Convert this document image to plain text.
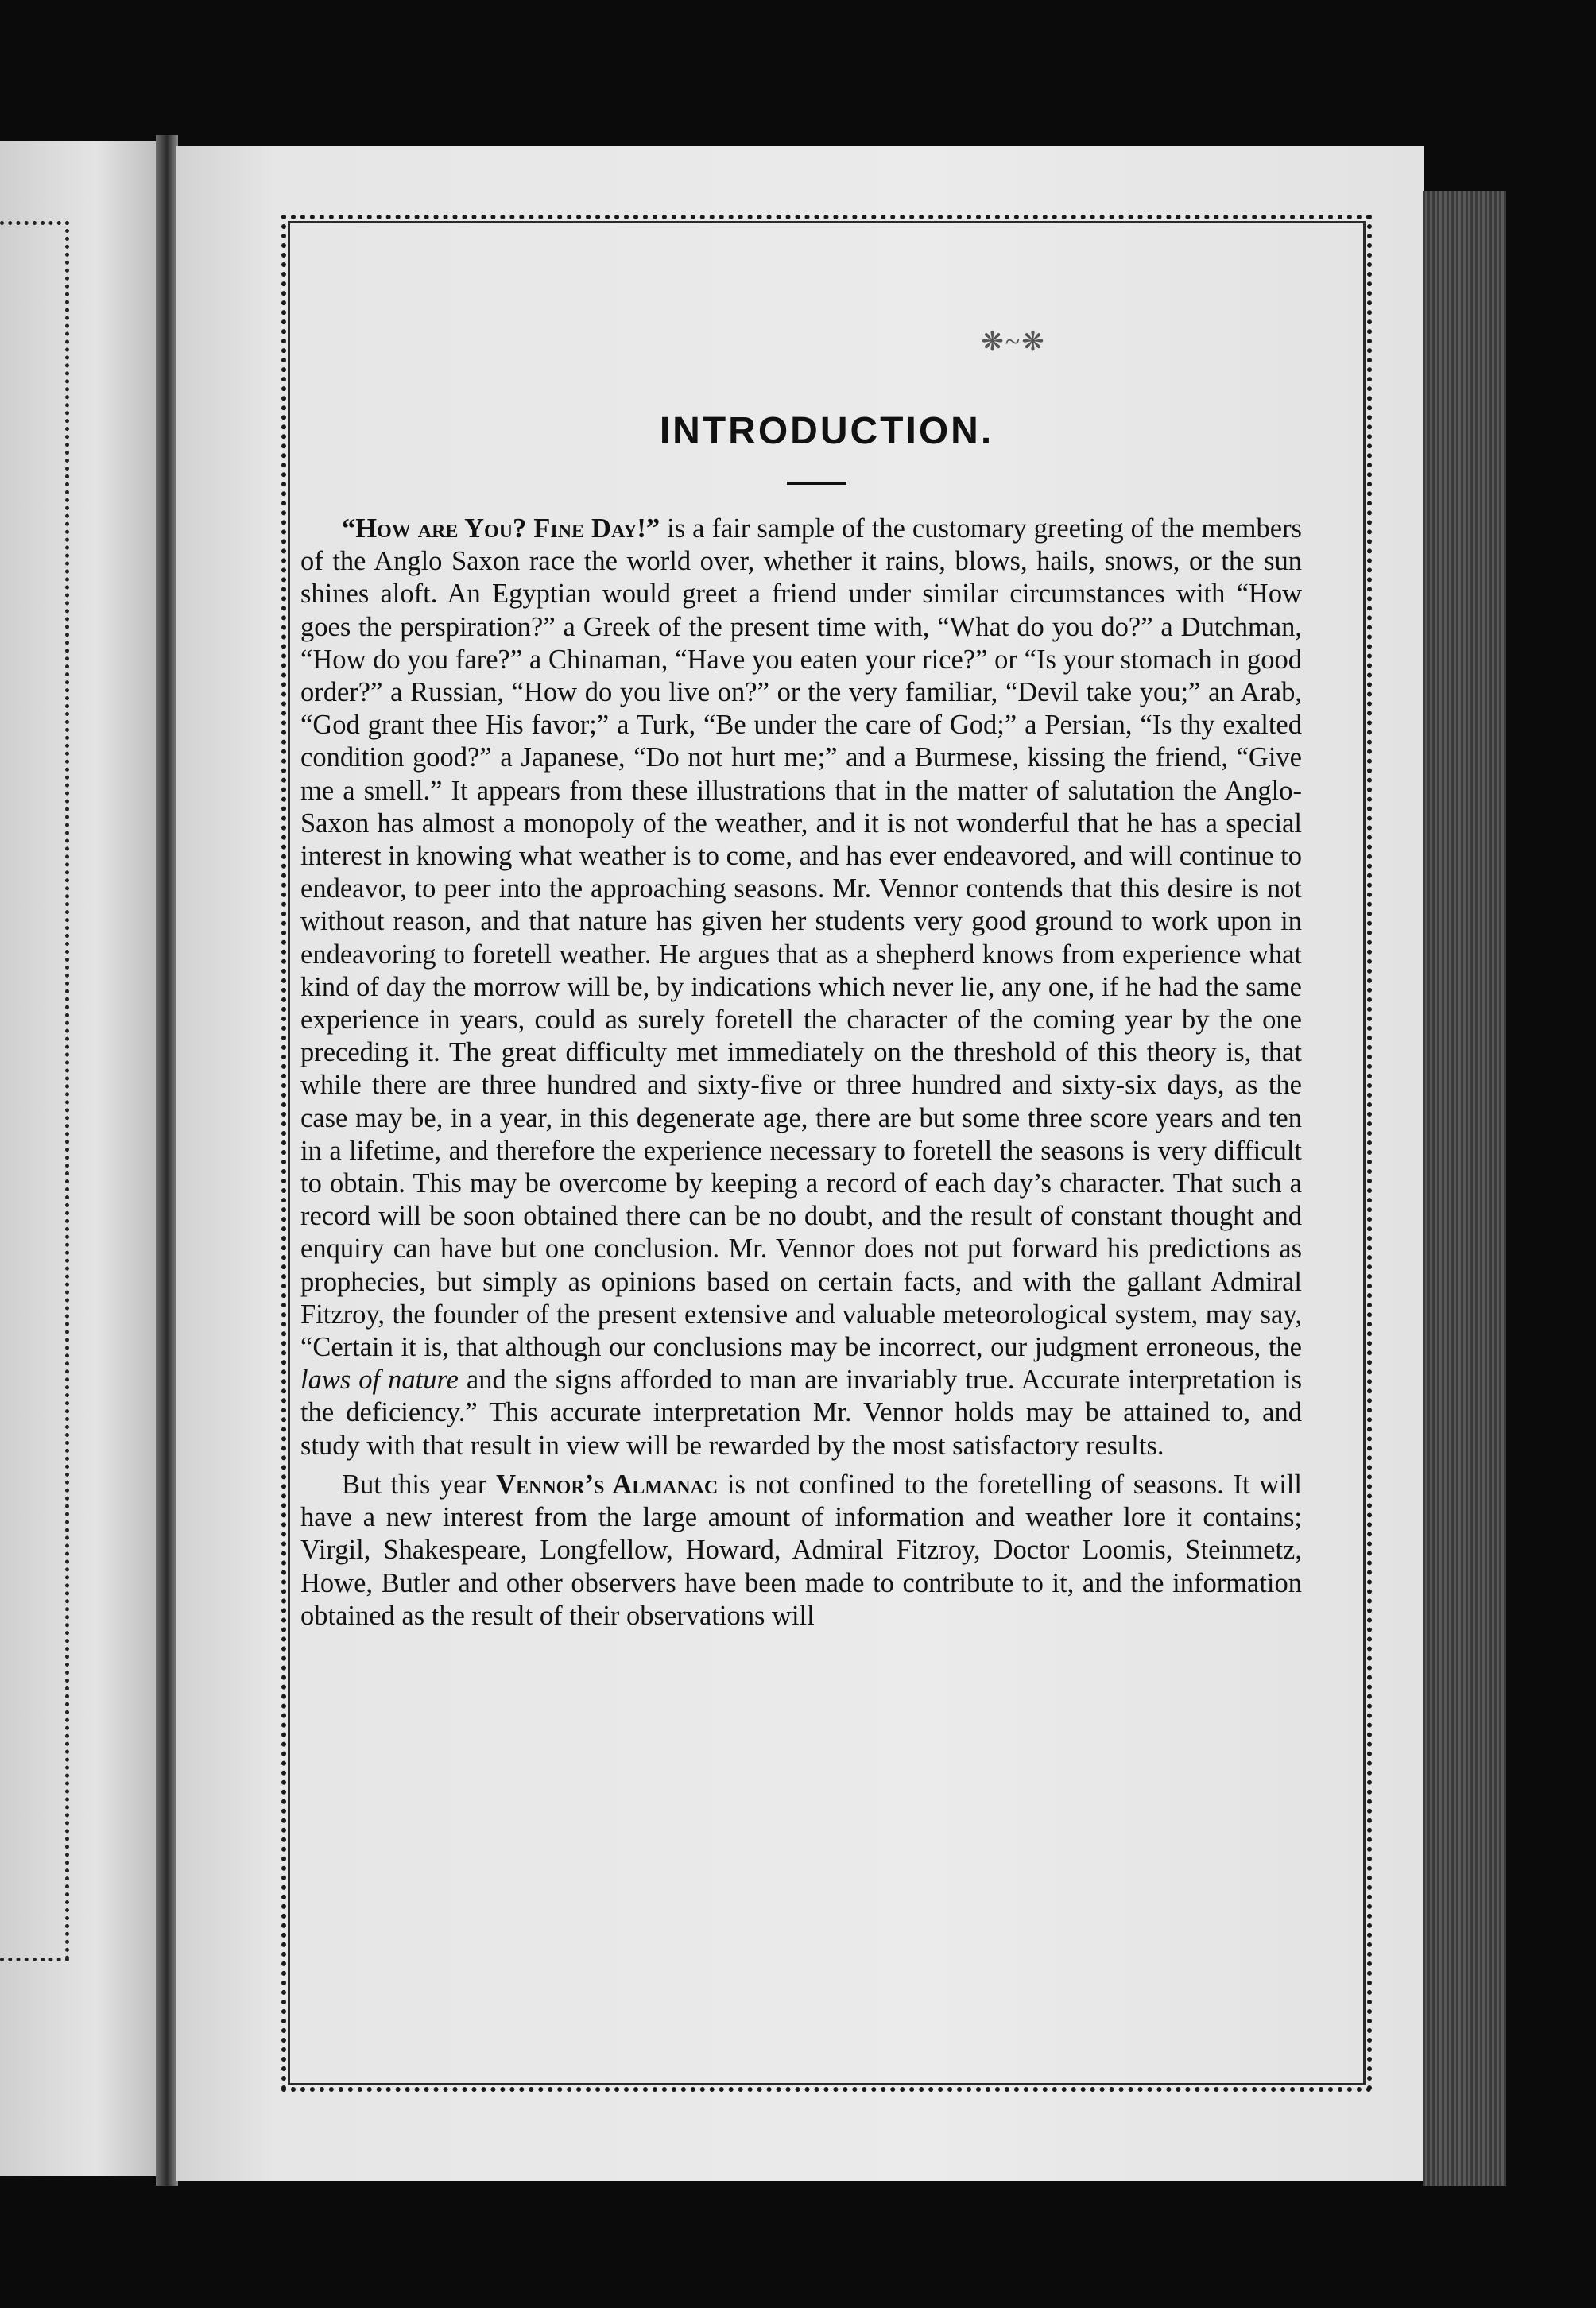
❋~❋
INTRODUCTION.

“How are You? Fine Day!” is a fair sample of the customary greeting of the members of the Anglo Saxon race the world over, whether it rains, blows, hails, snows, or the sun shines aloft. An Egyptian would greet a friend under similar circumstances with “How goes the perspiration?” a Greek of the present time with, “What do you do?” a Dutchman, “How do you fare?” a Chinaman, “Have you eaten your rice?” or “Is your stomach in good order?” a Russian, “How do you live on?” or the very familiar, “Devil take you;” an Arab, “God grant thee His favor;” a Turk, “Be under the care of God;” a Persian, “Is thy exalted condition good?” a Japanese, “Do not hurt me;” and a Burmese, kissing the friend, “Give me a smell.” It appears from these illustrations that in the matter of salutation the Anglo-Saxon has almost a monopoly of the weather, and it is not wonderful that he has a special interest in knowing what weather is to come, and has ever endeavored, and will continue to endeavor, to peer into the approaching seasons. Mr. Vennor contends that this desire is not without reason, and that nature has given her students very good ground to work upon in endeavoring to foretell weather. He argues that as a shepherd knows from experience what kind of day the morrow will be, by indications which never lie, any one, if he had the same experience in years, could as surely foretell the character of the coming year by the one preceding it. The great difficulty met immediately on the threshold of this theory is, that while there are three hundred and sixty-five or three hundred and sixty-six days, as the case may be, in a year, in this degenerate age, there are but some three score years and ten in a lifetime, and therefore the experience necessary to foretell the seasons is very difficult to obtain. This may be overcome by keeping a record of each day’s character. That such a record will be soon obtained there can be no doubt, and the result of constant thought and enquiry can have but one conclusion. Mr. Vennor does not put forward his predictions as prophecies, but simply as opinions based on certain facts, and with the gallant Admiral Fitzroy, the founder of the present extensive and valuable meteorological system, may say, “Certain it is, that although our conclusions may be incorrect, our judgment erroneous, the laws of nature and the signs afforded to man are invariably true. Accurate interpretation is the deficiency.” This accurate interpretation Mr. Vennor holds may be attained to, and study with that result in view will be rewarded by the most satisfactory results.

But this year Vennor’s Almanac is not confined to the foretelling of seasons. It will have a new interest from the large amount of information and weather lore it contains; Virgil, Shakespeare, Longfellow, Howard, Admiral Fitzroy, Doctor Loomis, Steinmetz, Howe, Butler and other observers have been made to contribute to it, and the information obtained as the result of their observations will
